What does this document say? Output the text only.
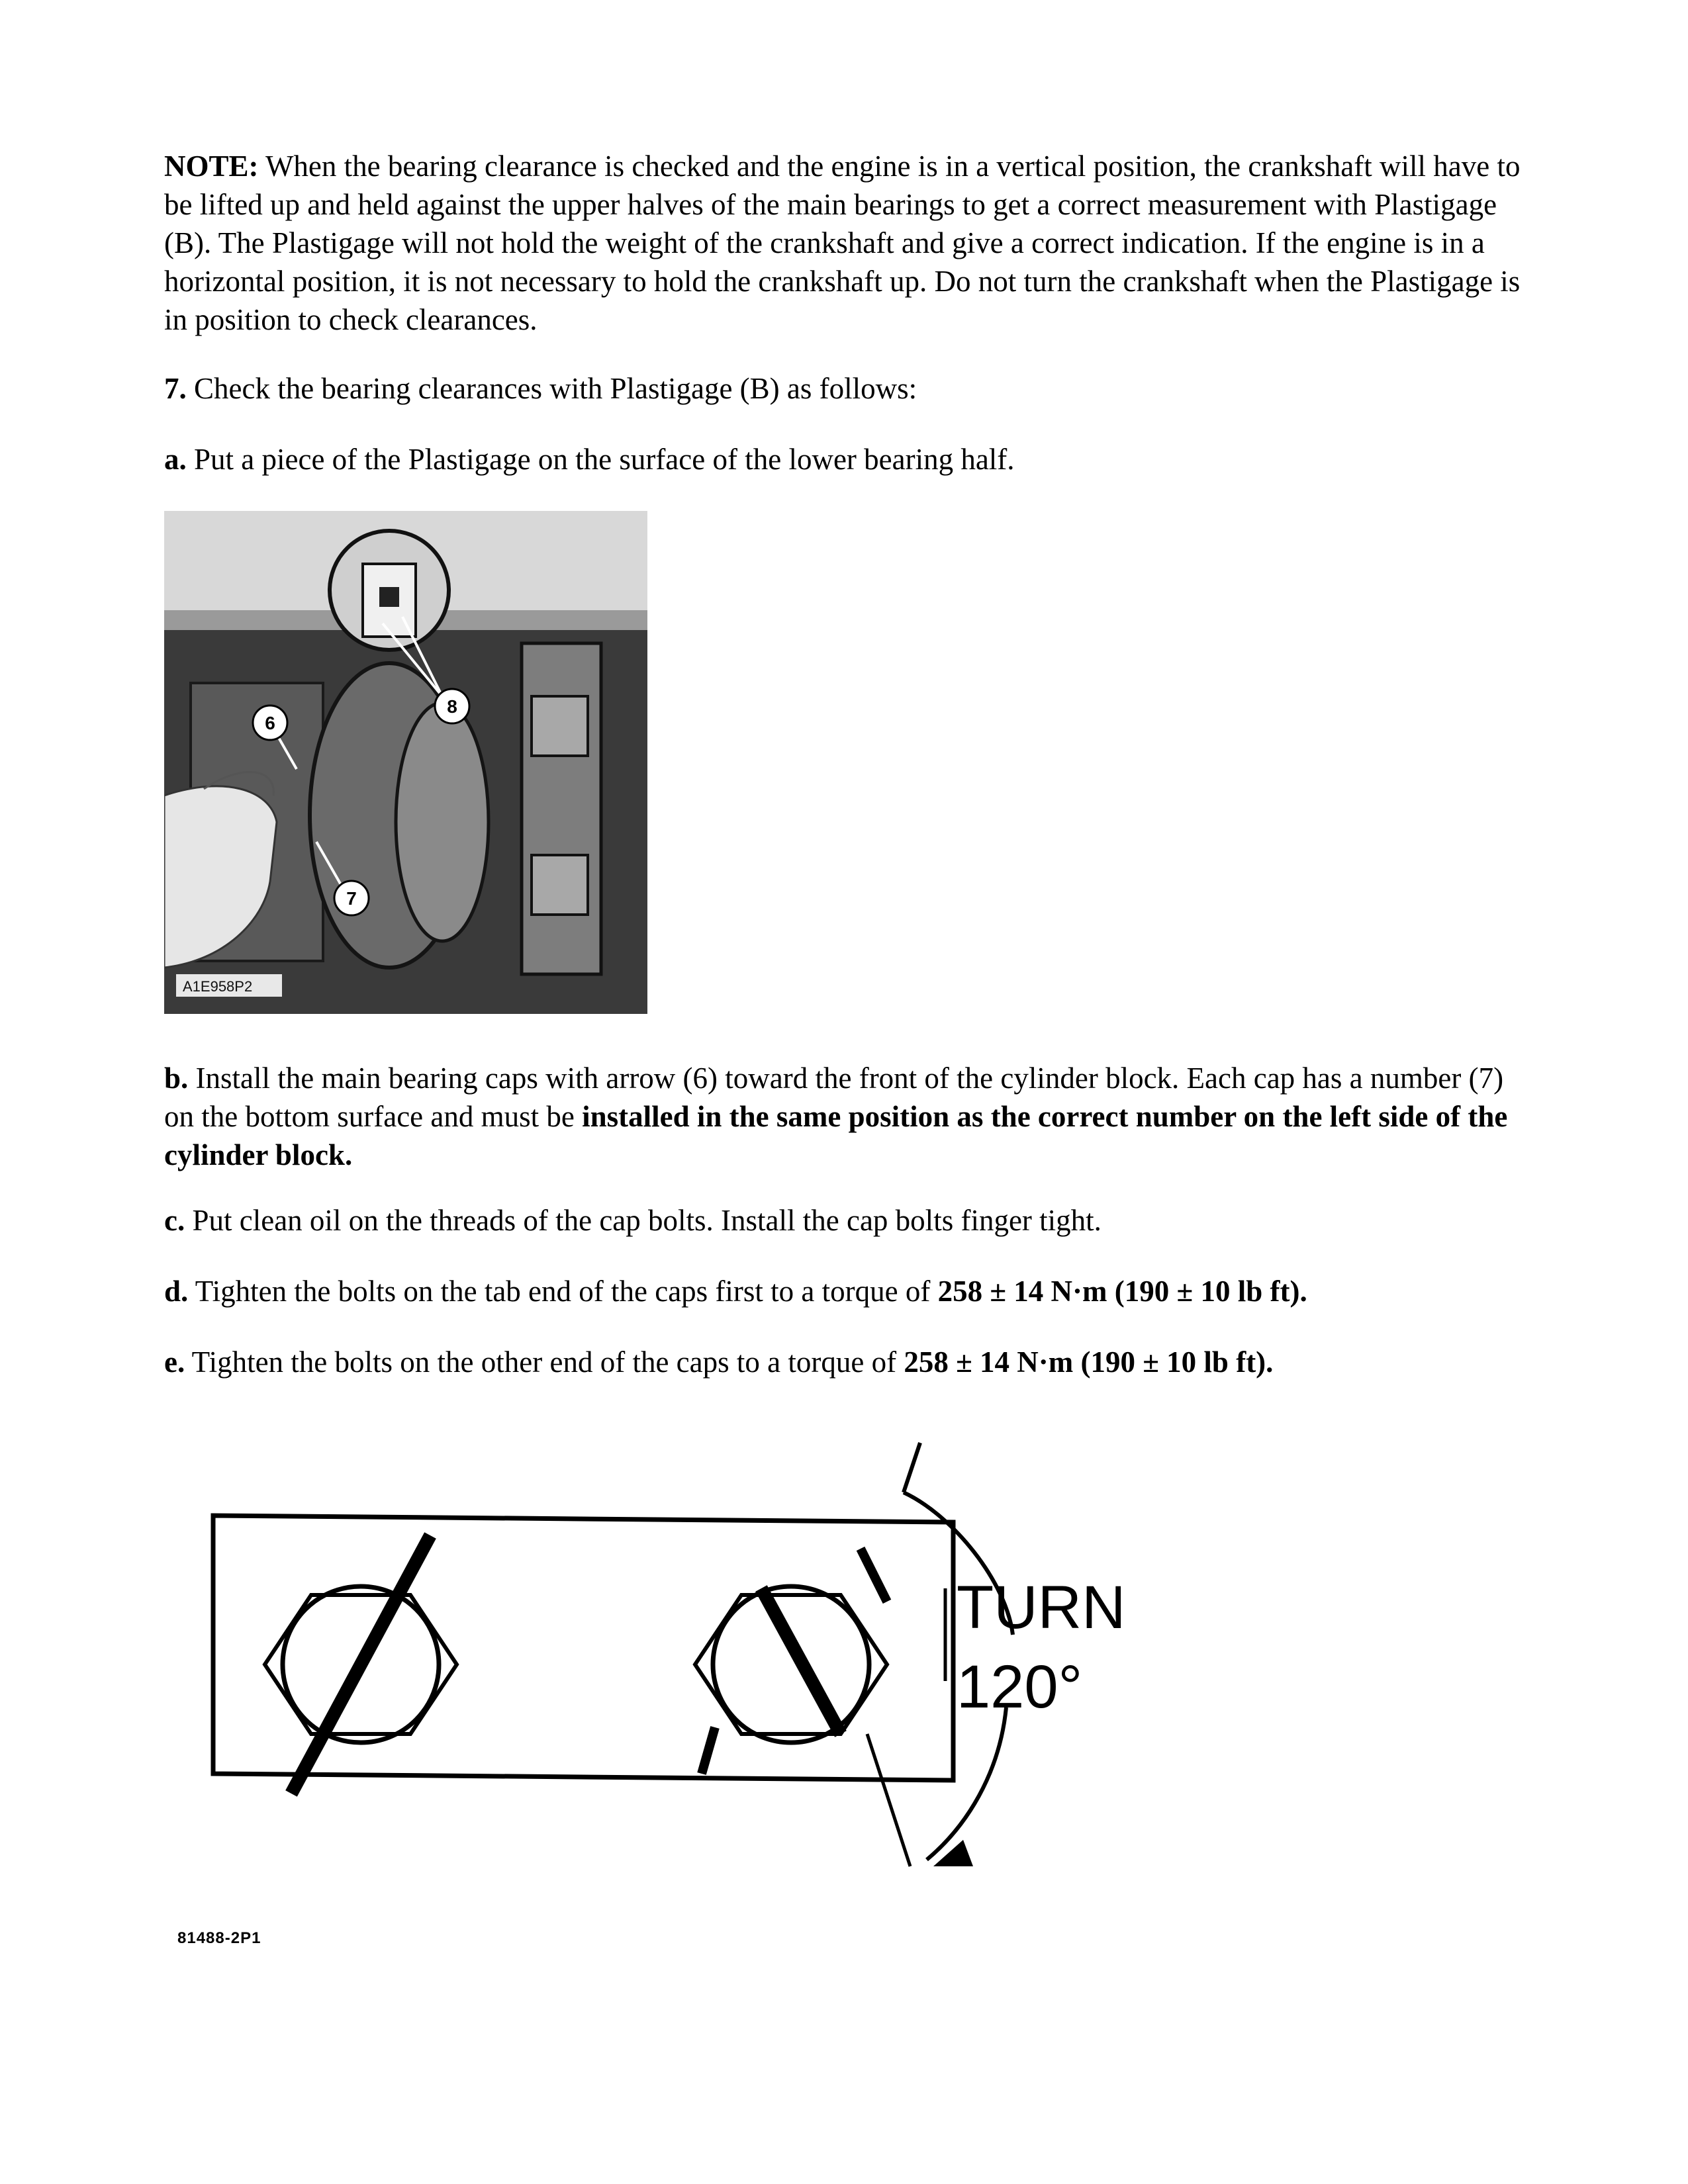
NOTE: When the bearing clearance is checked and the engine is in a vertical position, the crankshaft will have to be lifted up and held against the upper halves of the main bearings to get a correct measurement with Plastigage (B). The Plastigage will not hold the weight of the crankshaft and give a correct indication. If the engine is in a horizontal position, it is not necessary to hold the crankshaft up. Do not turn the crankshaft when the Plastigage is in position to check clearances.

7. Check the bearing clearances with Plastigage (B) as follows:

a. Put a piece of the Plastigage on the surface of the lower bearing half.

6
7
8
A1E958P2

b. Install the main bearing caps with arrow (6) toward the front of the cylinder block. Each cap has a number (7) on the bottom surface and must be installed in the same position as the correct number on the left side of the cylinder block.

c. Put clean oil on the threads of the cap bolts. Install the cap bolts finger tight.

d. Tighten the bolts on the tab end of the caps first to a torque of 258 ± 14 N·m (190 ± 10 lb ft).

e. Tighten the bolts on the other end of the caps to a torque of 258 ± 14 N·m (190 ± 10 lb ft).

TURN
120°
81488-2P1
